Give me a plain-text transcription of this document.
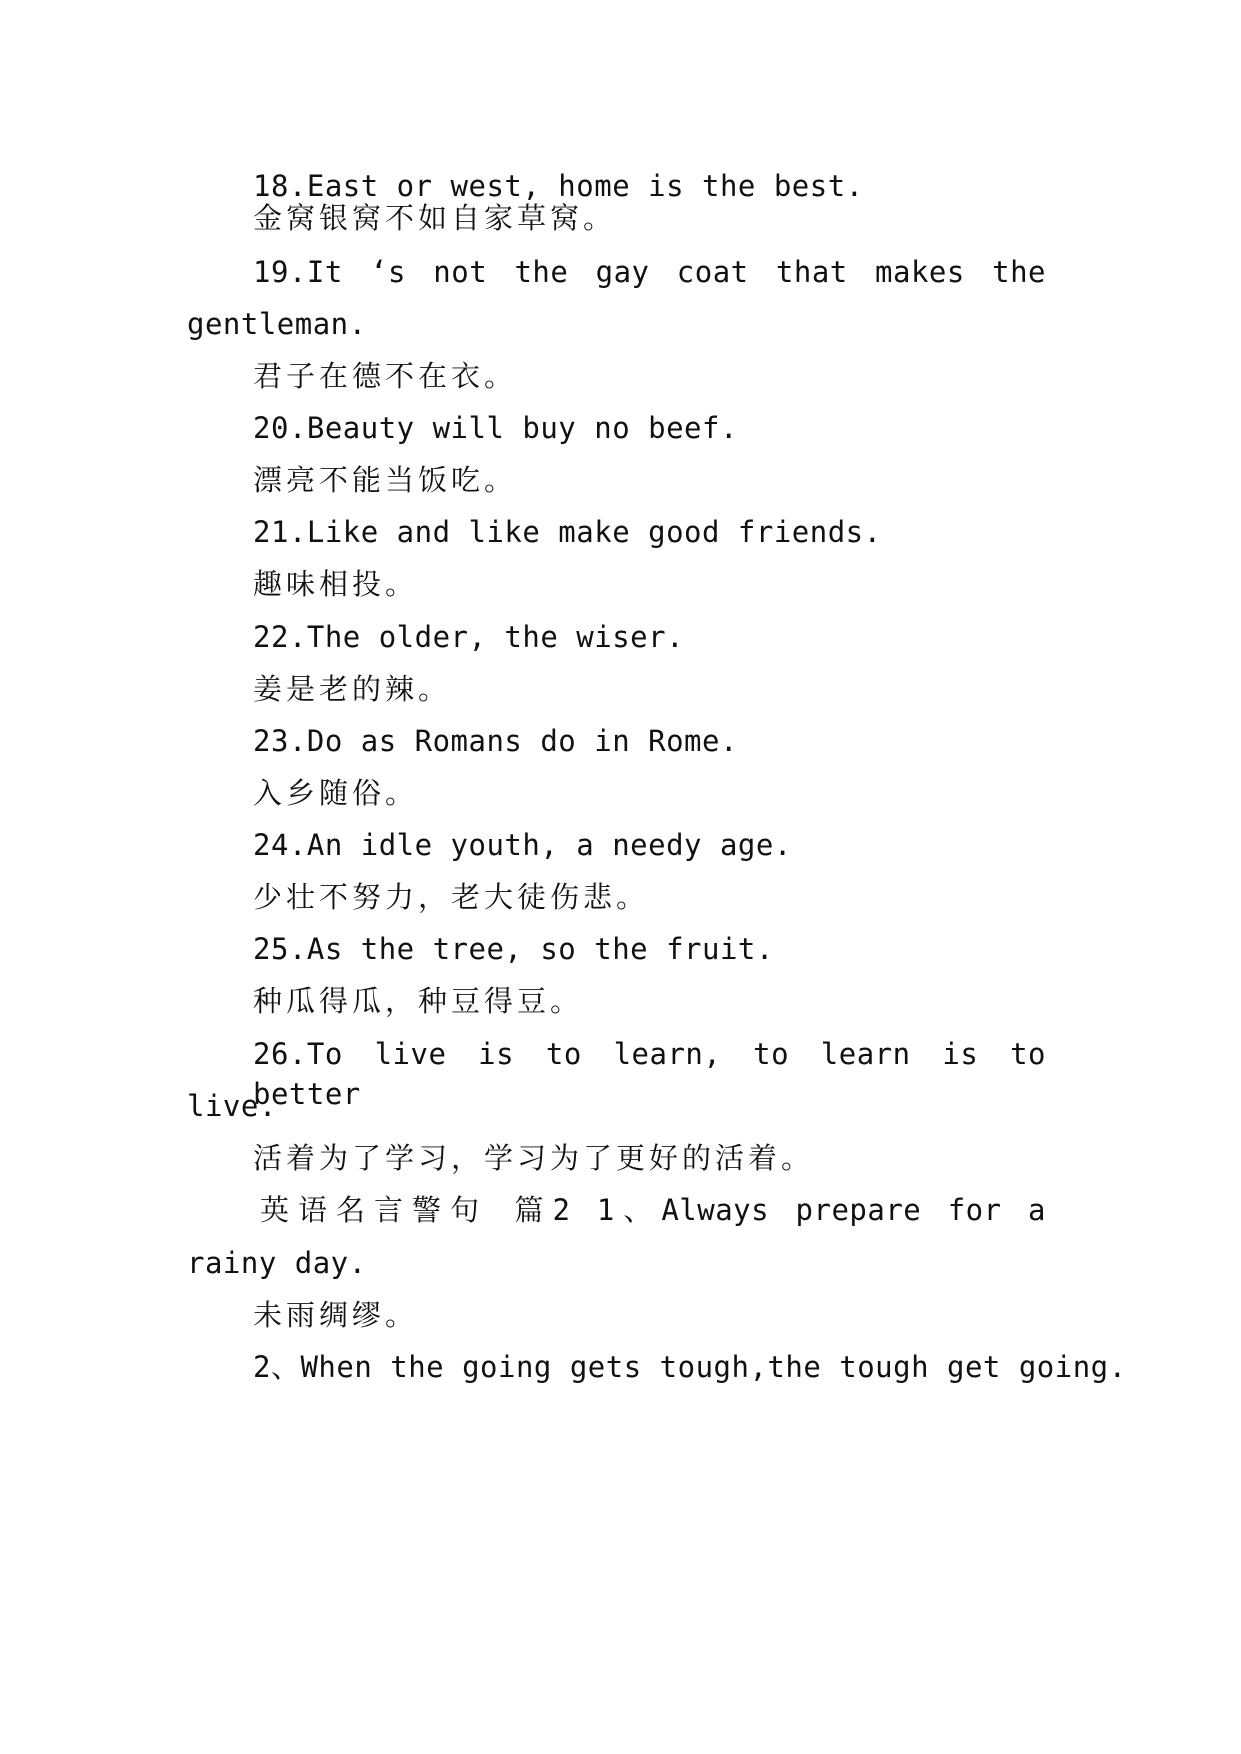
18.East or west, home is the best.
金窝银窝不如自家草窝。
19.It ‘s not the gay coat that makes the
gentleman.
君子在德不在衣。
20.Beauty will buy no beef.
漂亮不能当饭吃。
21.Like and like make good friends.
趣味相投。
22.The older, the wiser.
姜是老的辣。
23.Do as Romans do in Rome.
入乡随俗。
24.An idle youth, a needy age.
少壮不努力，老大徒伤悲。
25.As the tree, so the fruit.
种瓜得瓜，种豆得豆。
26.To live is to learn, to learn is to better
live.
活着为了学习，学习为了更好的活着。
英语名言警句 篇2 1、Always prepare for a
rainy day.
未雨绸缪。
2、When the going gets tough,the tough get going.
